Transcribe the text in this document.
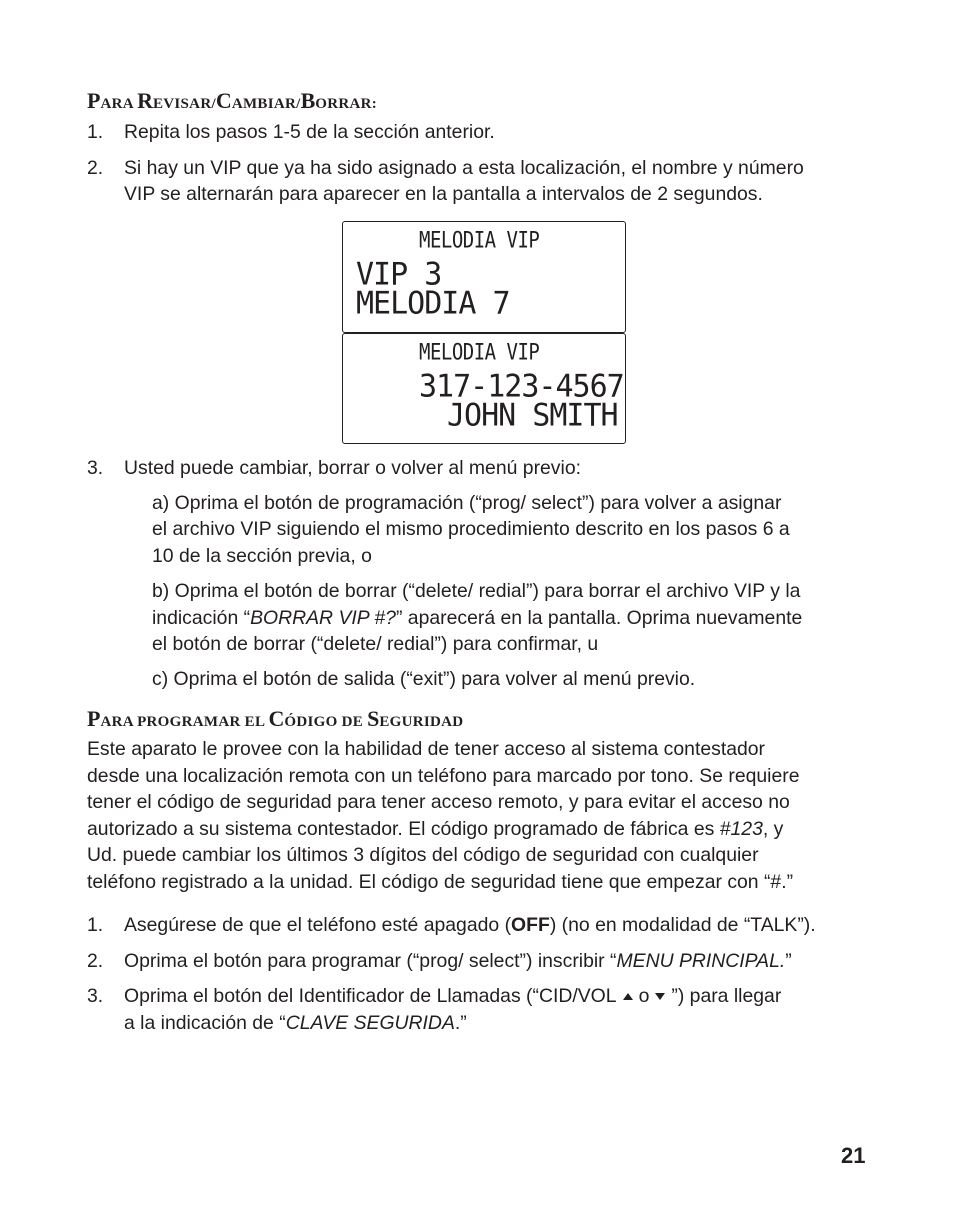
PARA REVISAR/CAMBIAR/BORRAR:
1. Repita los pasos 1-5 de la sección anterior.
2. Si hay un VIP que ya ha sido asignado a esta localización, el nombre y número
VIP se alternarán para aparecer en la pantalla a intervalos de 2 segundos.
MELODIA VIP
VIP 3
MELODIA 7
MELODIA VIP
317-123-4567
JOHN SMITH
3. Usted puede cambiar, borrar o volver al menú previo:
a) Oprima el botón de programación (“prog/ select”) para volver a asignar
el archivo VIP siguiendo el mismo procedimiento descrito en los pasos 6 a
10 de la sección previa, o
b) Oprima el botón de borrar (“delete/ redial”) para borrar el archivo VIP y la
indicación “BORRAR VIP #?” aparecerá en la pantalla. Oprima nuevamente
el botón de borrar (“delete/ redial”) para confirmar, u
c) Oprima el botón de salida (“exit”) para volver al menú previo.
PARA PROGRAMAR EL CÓDIGO DE SEGURIDAD
Este aparato le provee con la habilidad de tener acceso al sistema contestador
desde una localización remota con un teléfono para marcado por tono. Se requiere
tener el código de seguridad para tener acceso remoto, y para evitar el acceso no
autorizado a su sistema contestador. El código programado de fábrica es #123, y
Ud. puede cambiar los últimos 3 dígitos del código de seguridad con cualquier
teléfono registrado a la unidad. El código de seguridad tiene que empezar con “#.”
1. Asegúrese de que el teléfono esté apagado (OFF) (no en modalidad de “TALK”).
2. Oprima el botón para programar (“prog/ select”) inscribir “MENU PRINCIPAL.”
3. Oprima el botón del Identificador de Llamadas (“CID/VOL o ”) para llegar
a la indicación de “CLAVE SEGURIDA.”
21
